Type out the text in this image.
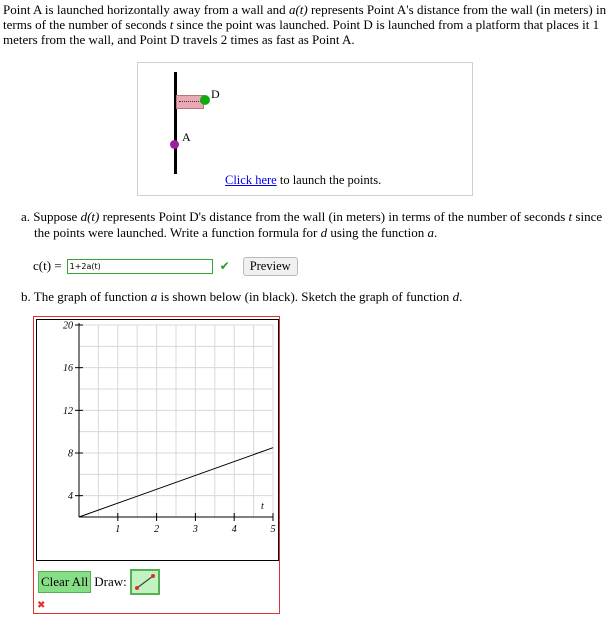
Point A is launched horizontally away from a wall and a(t) represents Point A's distance from the wall (in meters) in terms of the number of seconds t since the point was launched. Point D is launched from a platform that places it 1 meters from the wall, and Point D travels 2 times as fast as Point A.
D
A
Click here to launch the points.
a. Suppose d(t) represents Point D's distance from the wall (in meters) in terms of the number of seconds t since the points were launched. Write a function formula for d using the function a.
c(t) =
1+2a(t)	✔	Preview
b. The graph of function a is shown below (in black). Sketch the graph of function d.
4
8
12
16
20
1	2	3	4	5
t
Clear All Draw:
✖
